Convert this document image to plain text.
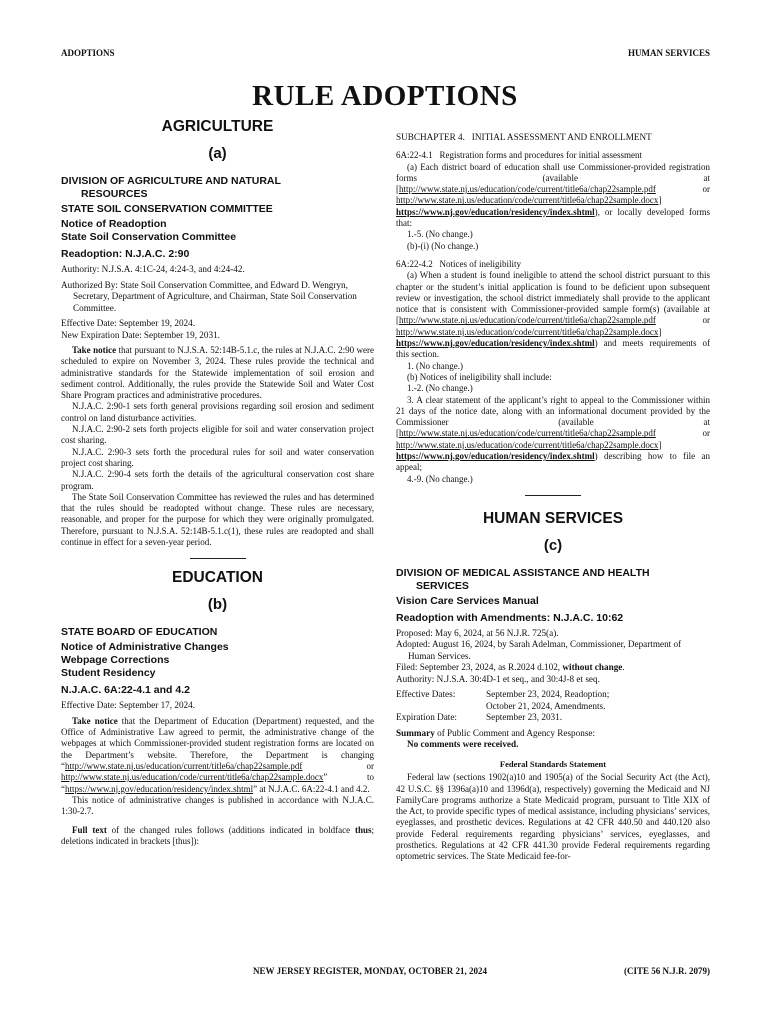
ADOPTIONS	HUMAN SERVICES
RULE ADOPTIONS
AGRICULTURE
(a)
DIVISION OF AGRICULTURE AND NATURAL
RESOURCES
STATE SOIL CONSERVATION COMMITTEE
Notice of Readoption
State Soil Conservation Committee
Readoption: N.J.A.C. 2:90

Authority: N.J.S.A. 4:1C-24, 4:24-3, and 4:24-42.

Authorized By: State Soil Conservation Committee, and Edward D. Wengryn, Secretary, Department of Agriculture, and Chairman, State Soil Conservation Committee.

Effective Date: September 19, 2024.

New Expiration Date: September 19, 2031.

Take notice that pursuant to N.J.S.A. 52:14B-5.1.c, the rules at N.J.A.C. 2:90 were scheduled to expire on November 3, 2024. These rules provide the technical and administrative standards for the Statewide implementation of soil erosion and sediment control. Additionally, the rules provide the Statewide Soil and Water Cost Share Program practices and administrative procedures.

N.J.A.C. 2:90-1 sets forth general provisions regarding soil erosion and sediment control on land disturbance activities.

N.J.A.C. 2:90-2 sets forth projects eligible for soil and water conservation project cost sharing.

N.J.A.C. 2:90-3 sets forth the procedural rules for soil and water conservation project cost sharing.

N.J.A.C. 2:90-4 sets forth the details of the agricultural conservation cost share program.

The State Soil Conservation Committee has reviewed the rules and has determined that the rules should be readopted without change. These rules are necessary, reasonable, and proper for the purpose for which they were originally promulgated. Therefore, pursuant to N.J.S.A. 52:14B-5.1.c(1), these rules are readopted and shall continue in effect for a seven-year period.

EDUCATION
(b)
STATE BOARD OF EDUCATION
Notice of Administrative Changes
Webpage Corrections
Student Residency
N.J.A.C. 6A:22-4.1 and 4.2

Effective Date: September 17, 2024.

Take notice that the Department of Education (Department) requested, and the Office of Administrative Law agreed to permit, the administrative change of the webpages at which Commissioner-provided student registration forms are located on the Department’s website. Therefore, the Department is changing “http://www.state.nj.us/education/current/title6a/chap22sample.pdf or http://www.state.nj.us/education/code/current/title6a/chap22sample.docx” to “https://www.nj.gov/education/residency/index.shtml” at N.J.A.C. 6A:22-4.1 and 4.2.

This notice of administrative changes is published in accordance with N.J.A.C. 1:30-2.7.

Full text of the changed rules follows (additions indicated in boldface thus; deletions indicated in brackets [thus]):

SUBCHAPTER 4.   INITIAL ASSESSMENT AND ENROLLMENT

6A:22-4.1   Registration forms and procedures for initial assessment

(a) Each district board of education shall use Commissioner-provided registration forms (available at [http://www.state.nj.us/education/code/current/title6a/chap22sample.pdf or http://www.state.nj.us/education/code/current/title6a/chap22sample.docx] https://www.nj.gov/education/residency/index.shtml), or locally developed forms that:

1.-5. (No change.)

(b)-(i) (No change.)

6A:22-4.2   Notices of ineligibility

(a) When a student is found ineligible to attend the school district pursuant to this chapter or the student’s initial application is found to be deficient upon subsequent review or investigation, the school district immediately shall provide to the applicant notice that is consistent with Commissioner-provided sample form(s) (available at [http://www.state.nj.us/education/code/current/title6a/chap22sample.pdf or http://www.state.nj.us/education/code/current/title6a/chap22sample.docx] https://www.nj.gov/education/residency/index.shtml) and meets requirements of this section.

1. (No change.)

(b) Notices of ineligibility shall include:

1.-2. (No change.)

3. A clear statement of the applicant’s right to appeal to the Commissioner within 21 days of the notice date, along with an informational document provided by the Commissioner (available at [http://www.state.nj.us/education/code/current/title6a/chap22sample.pdf or http://www.state.nj.us/education/code/current/title6a/chap22sample.docx] https://www.nj.gov/education/residency/index.shtml) describing how to file an appeal;

4.-9. (No change.)

HUMAN SERVICES
(c)
DIVISION OF MEDICAL ASSISTANCE AND HEALTH
SERVICES
Vision Care Services Manual
Readoption with Amendments: N.J.A.C. 10:62

Proposed: May 6, 2024, at 56 N.J.R. 725(a).

Adopted: August 16, 2024, by Sarah Adelman, Commissioner, Department of Human Services.

Filed: September 23, 2024, as R.2024 d.102, without change.

Authority: N.J.S.A. 30:4D-1 et seq., and 30:4J-8 et seq.

Effective Dates:	September 23, 2024, Readoption;
October 21, 2024, Amendments.
Expiration Date:	September 23, 2031.

Summary of Public Comment and Agency Response:

No comments were received.

Federal Standards Statement

Federal law (sections 1902(a)10 and 1905(a) of the Social Security Act (the Act), 42 U.S.C. §§ 1396a(a)10 and 1396d(a), respectively) governing the Medicaid and NJ FamilyCare programs authorize a State Medicaid program, pursuant to Title XIX of the Act, to provide specific types of medical assistance, including physicians’ services, eyeglasses, and prosthetic devices. Regulations at 42 CFR 440.50 and 440.120 also provide Federal requirements regarding physicians’ services, eyeglasses, and prosthetics. Regulations at 42 CFR 441.30 provide Federal requirements regarding optometric services. The State Medicaid fee-for-

NEW JERSEY REGISTER, MONDAY, OCTOBER 21, 2024	(CITE 56 N.J.R. 2079)
